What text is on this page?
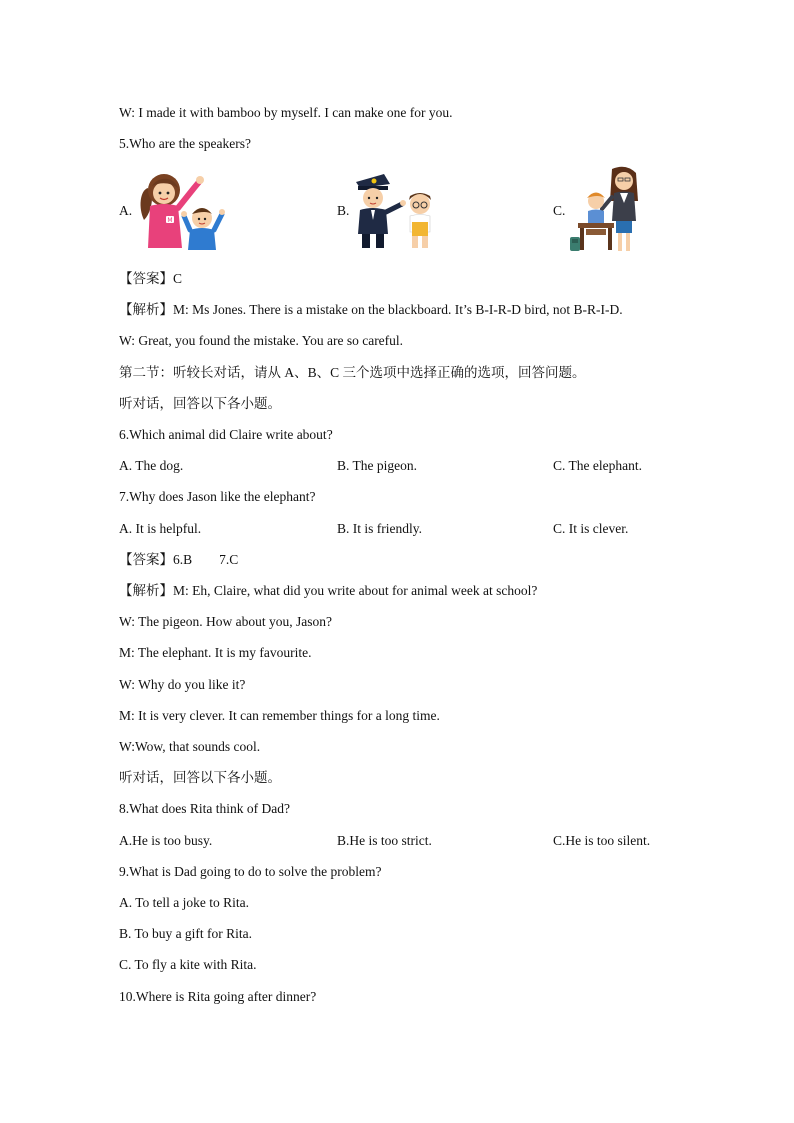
W: I made it with bamboo by myself. I can make one for you.
5.Who are the speakers?
A.
M
B.	C.
【答案】C
【解析】M: Ms Jones. There is a mistake on the blackboard. It’s B-I-R-D bird, not B-R-I-D.
W: Great, you found the mistake. You are so careful.
第二节：听较长对话，请从 A、B、C 三个选项中选择正确的选项，回答问题。
听对话，回答以下各小题。
6.Which animal did Claire write about?
A. The dog.	B. The pigeon.	C. The elephant.
7.Why does Jason like the elephant?
A. It is helpful.	B. It is friendly.	C. It is clever.
【答案】6.B        7.C
【解析】M: Eh, Claire, what did you write about for animal week at school?
W: The pigeon. How about you, Jason?
M: The elephant. It is my favourite.
W: Why do you like it?
M: It is very clever. It can remember things for a long time.
W:Wow, that sounds cool.
听对话，回答以下各小题。
8.What does Rita think of Dad?
A.He is too busy.	B.He is too strict.	C.He is too silent.
9.What is Dad going to do to solve the problem?
A. To tell a joke to Rita.
B. To buy a gift for Rita.
C. To fly a kite with Rita.
10.Where is Rita going after dinner?
